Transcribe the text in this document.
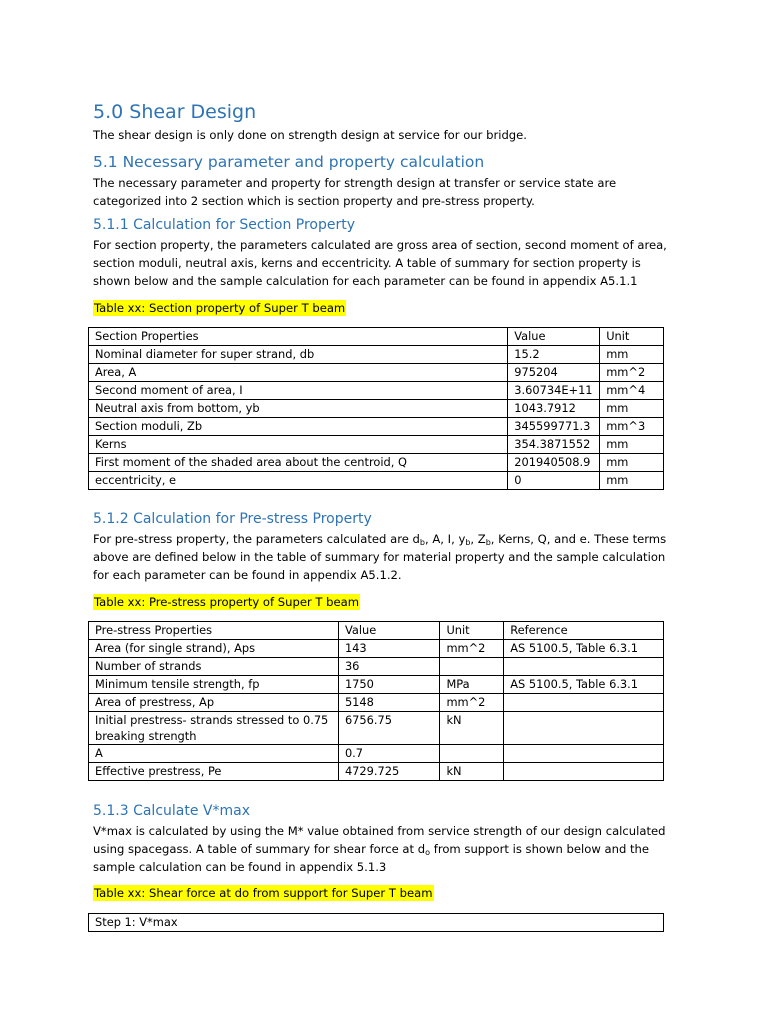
5.0 Shear Design

The shear design is only done on strength design at service for our bridge.

5.1 Necessary parameter and property calculation

The necessary parameter and property for strength design at transfer or service state are categorized into 2 section which is section property and pre-stress property.

5.1.1 Calculation for Section Property

For section property, the parameters calculated are gross area of section, second moment of area, section moduli, neutral axis, kerns and eccentricity. A table of summary for section property is shown below and the sample calculation for each parameter can be found in appendix A5.1.1

Table xx: Section property of Super T beam
Section Properties	Value	Unit
Nominal diameter for super strand, db	15.2	mm
Area, A	975204	mm^2
Second moment of area, I	3.60734E+11	mm^4
Neutral axis from bottom, yb	1043.7912	mm
Section moduli, Zb	345599771.3	mm^3
Kerns	354.3871552	mm
First moment of the shaded area about the centroid, Q	201940508.9	mm
eccentricity, e	0	mm
5.1.2 Calculation for Pre-stress Property

For pre-stress property, the parameters calculated are $d_b$, A, I, $y_b$, $Z_b$, Kerns, Q, and e. These terms above are defined below in the table of summary for material property and the sample calculation for each parameter can be found in appendix A5.1.2.

Table xx: Pre-stress property of Super T beam
Pre-stress Properties	Value	Unit	Reference
Area (for single strand), Aps	143	mm^2	AS 5100.5, Table 6.3.1
Number of strands	36		
Minimum tensile strength, fp	1750	MPa	AS 5100.5, Table 6.3.1
Area of prestress, Ap	5148	mm^2	
Initial prestress- strands stressed to 0.75 breaking strength	6756.75	kN	
A	0.7		
Effective prestress, Pe	4729.725	kN	
5.1.3 Calculate V*max

V*max is calculated by using the M* value obtained from service strength of our design calculated using spacegass. A table of summary for shear force at $d_o$ from support is shown below and the sample calculation can be found in appendix 5.1.3

Table xx: Shear force at do from support for Super T beam
Step 1: V*max
